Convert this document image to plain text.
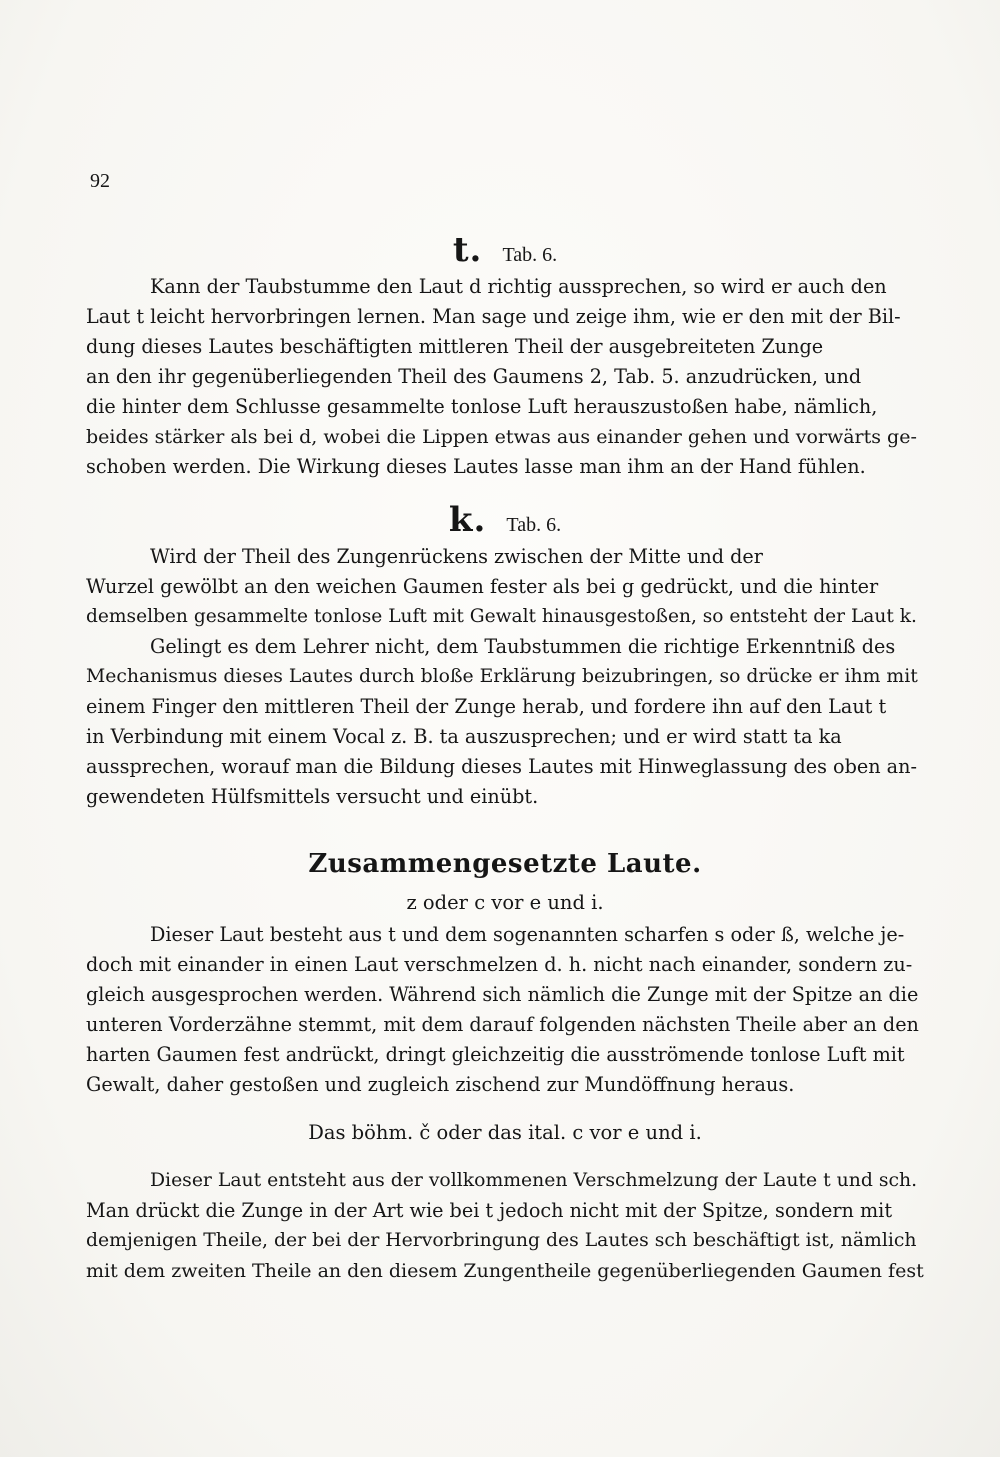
92
t. Tab. 6.
Kann der Taubstumme den Laut d richtig aussprechen, so wird er auch den
Laut t leicht hervorbringen lernen. Man sage und zeige ihm, wie er den mit der Bil-
dung dieses Lautes beschäftigten mittleren Theil der ausgebreiteten Zunge
an den ihr gegenüberliegenden Theil des Gaumens 2, Tab. 5. anzudrücken, und
die hinter dem Schlusse gesammelte tonlose Luft herauszustoßen habe, nämlich,
beides stärker als bei d, wobei die Lippen etwas aus einander gehen und vorwärts ge-
schoben werden. Die Wirkung dieses Lautes lasse man ihm an der Hand fühlen.
k. Tab. 6.
Wird der Theil des Zungenrückens zwischen der Mitte und der
Wurzel gewölbt an den weichen Gaumen fester als bei g gedrückt, und die hinter
demselben gesammelte tonlose Luft mit Gewalt hinausgestoßen, so entsteht der Laut k.
Gelingt es dem Lehrer nicht, dem Taubstummen die richtige Erkenntniß des
Mechanismus dieses Lautes durch bloße Erklärung beizubringen, so drücke er ihm mit
einem Finger den mittleren Theil der Zunge herab, und fordere ihn auf den Laut t
in Verbindung mit einem Vocal z. B. ta auszusprechen; und er wird statt ta ka
aussprechen, worauf man die Bildung dieses Lautes mit Hinweglassung des oben an-
gewendeten Hülfsmittels versucht und einübt.
Zusammengesetzte Laute.
z oder c vor e und i.
Dieser Laut besteht aus t und dem sogenannten scharfen s oder ß, welche je-
doch mit einander in einen Laut verschmelzen d. h. nicht nach einander, sondern zu-
gleich ausgesprochen werden. Während sich nämlich die Zunge mit der Spitze an die
unteren Vorderzähne stemmt, mit dem darauf folgenden nächsten Theile aber an den
harten Gaumen fest andrückt, dringt gleichzeitig die ausströmende tonlose Luft mit
Gewalt, daher gestoßen und zugleich zischend zur Mundöffnung heraus.
Das böhm. č oder das ital. c vor e und i.
Dieser Laut entsteht aus der vollkommenen Verschmelzung der Laute t und sch.
Man drückt die Zunge in der Art wie bei t jedoch nicht mit der Spitze, sondern mit
demjenigen Theile, der bei der Hervorbringung des Lautes sch beschäftigt ist, nämlich
mit dem zweiten Theile an den diesem Zungentheile gegenüberliegenden Gaumen fest
